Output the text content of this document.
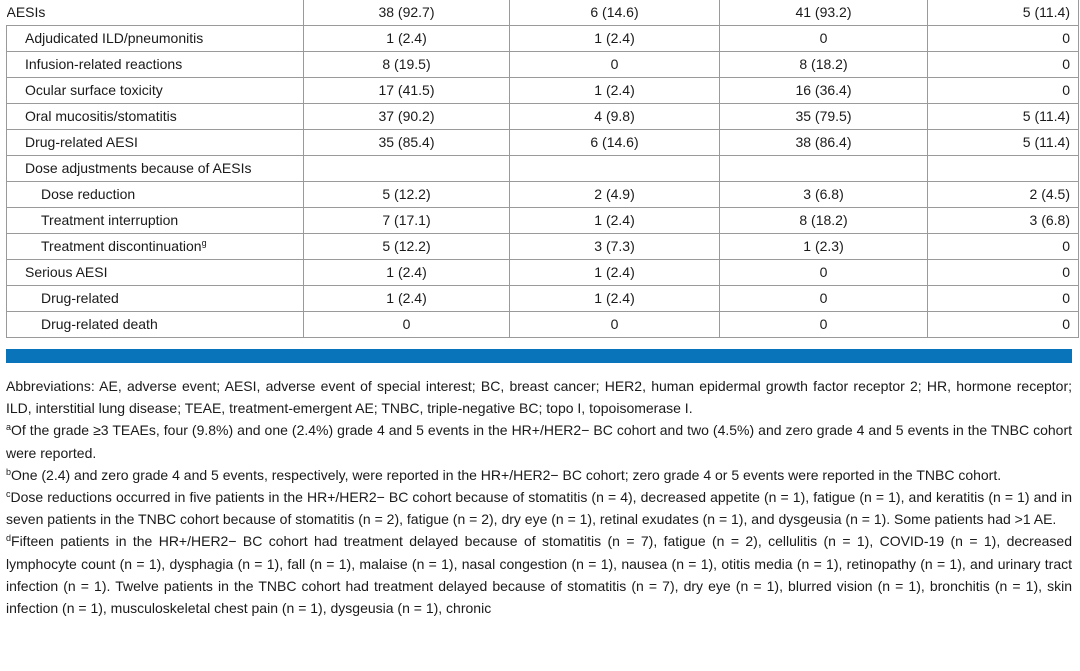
AESIs	38 (92.7)	6 (14.6)	41 (93.2)	5 (11.4)
Adjudicated ILD/pneumonitis	1 (2.4)	1 (2.4)	0	0
Infusion-related reactions	8 (19.5)	0	8 (18.2)	0
Ocular surface toxicity	17 (41.5)	1 (2.4)	16 (36.4)	0
Oral mucositis/stomatitis	37 (90.2)	4 (9.8)	35 (79.5)	5 (11.4)
Drug-related AESI	35 (85.4)	6 (14.6)	38 (86.4)	5 (11.4)
Dose adjustments because of AESIs				
Dose reduction	5 (12.2)	2 (4.9)	3 (6.8)	2 (4.5)
Treatment interruption	7 (17.1)	1 (2.4)	8 (18.2)	3 (6.8)
Treatment discontinuation$^g$	5 (12.2)	3 (7.3)	1 (2.3)	0
Serious AESI	1 (2.4)	1 (2.4)	0	0
Drug-related	1 (2.4)	1 (2.4)	0	0
Drug-related death	0	0	0	0

Abbreviations: AE, adverse event; AESI, adverse event of special interest; BC, breast cancer; HER2, human epidermal growth factor receptor 2; HR, hormone receptor; ILD, interstitial lung disease; TEAE, treatment-emergent AE; TNBC, triple-negative BC; topo I, topoisomerase I.

$^a$Of the grade ≥3 TEAEs, four (9.8%) and one (2.4%) grade 4 and 5 events in the HR+/HER2− BC cohort and two (4.5%) and zero grade 4 and 5 events in the TNBC cohort were reported.

$^b$One (2.4) and zero grade 4 and 5 events, respectively, were reported in the HR+/HER2− BC cohort; zero grade 4 or 5 events were reported in the TNBC cohort.

$^c$Dose reductions occurred in five patients in the HR+/HER2− BC cohort because of stomatitis (n = 4), decreased appetite (n = 1), fatigue (n = 1), and keratitis (n = 1) and in seven patients in the TNBC cohort because of stomatitis (n = 2), fatigue (n = 2), dry eye (n = 1), retinal exudates (n = 1), and dysgeusia (n = 1). Some patients had >1 AE.

$^d$Fifteen patients in the HR+/HER2− BC cohort had treatment delayed because of stomatitis (n = 7), fatigue (n = 2), cellulitis (n = 1), COVID-19 (n = 1), decreased lymphocyte count (n = 1), dysphagia (n = 1), fall (n = 1), malaise (n = 1), nasal congestion (n = 1), nausea (n = 1), otitis media (n = 1), retinopathy (n = 1), and urinary tract infection (n = 1). Twelve patients in the TNBC cohort had treatment delayed because of stomatitis (n = 7), dry eye (n = 1), blurred vision (n = 1), bronchitis (n = 1), skin infection (n = 1), musculoskeletal chest pain (n = 1), dysgeusia (n = 1), chronic
